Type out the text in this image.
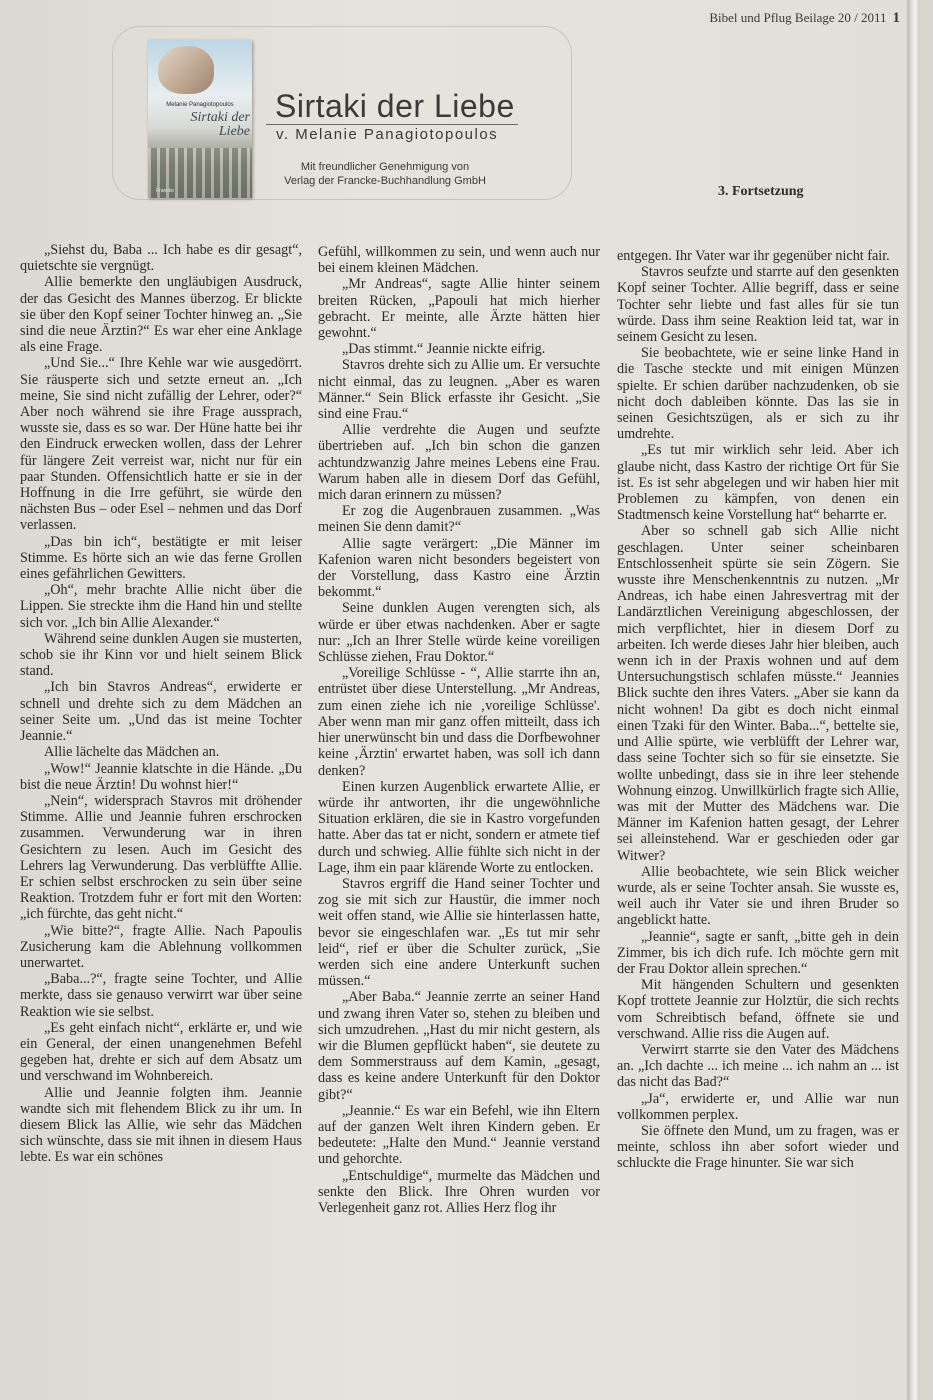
Bibel und Pflug Beilage 20 / 2011 1
Melanie Panagiotopoulos
Sirtaki der
Liebe
Francke
Sirtaki der Liebe
v. Melanie Panagiotopoulos
Mit freundlicher Genehmigung von
Verlag der Francke-Buchhandlung GmbH
3. Fortsetzung

„Siehst du, Baba ... Ich habe es dir gesagt“, quietschte sie vergnügt.

Allie bemerkte den ungläubigen Ausdruck, der das Gesicht des Mannes überzog. Er blickte sie über den Kopf seiner Tochter hinweg an. „Sie sind die neue Ärztin?“ Es war eher eine Anklage als eine Frage.

„Und Sie...“ Ihre Kehle war wie ausgedörrt. Sie räusperte sich und setzte erneut an. „Ich meine, Sie sind nicht zufällig der Lehrer, oder?“ Aber noch während sie ihre Frage aussprach, wusste sie, dass es so war. Der Hüne hatte bei ihr den Eindruck erwecken wollen, dass der Lehrer für längere Zeit verreist war, nicht nur für ein paar Stunden. Offensichtlich hatte er sie in der Hoffnung in die Irre geführt, sie würde den nächsten Bus – oder Esel – nehmen und das Dorf verlassen.

„Das bin ich“, bestätigte er mit leiser Stimme. Es hörte sich an wie das ferne Grollen eines gefährlichen Gewitters.

„Oh“, mehr brachte Allie nicht über die Lippen. Sie streckte ihm die Hand hin und stellte sich vor. „Ich bin Allie Alexander.“

Während seine dunklen Augen sie musterten, schob sie ihr Kinn vor und hielt seinem Blick stand.

„Ich bin Stavros Andreas“, erwiderte er schnell und drehte sich zu dem Mädchen an seiner Seite um. „Und das ist meine Tochter Jeannie.“

Allie lächelte das Mädchen an.

„Wow!“ Jeannie klatschte in die Hände. „Du bist die neue Ärztin! Du wohnst hier!“

„Nein“, widersprach Stavros mit dröhender Stimme. Allie und Jeannie fuhren erschrocken zusammen. Verwunderung war in ihren Gesichtern zu lesen. Auch im Gesicht des Lehrers lag Verwunderung. Das verblüffte Allie. Er schien selbst erschrocken zu sein über seine Reaktion. Trotzdem fuhr er fort mit den Worten: „ich fürchte, das geht nicht.“

„Wie bitte?“, fragte Allie. Nach Papoulis Zusicherung kam die Ablehnung vollkommen unerwartet.

„Baba...?“, fragte seine Tochter, und Allie merkte, dass sie genauso verwirrt war über seine Reaktion wie sie selbst.

„Es geht einfach nicht“, erklärte er, und wie ein General, der einen unangenehmen Befehl gegeben hat, drehte er sich auf dem Absatz um und verschwand im Wohnbereich.

Allie und Jeannie folgten ihm. Jeannie wandte sich mit flehendem Blick zu ihr um. In diesem Blick las Allie, wie sehr das Mädchen sich wünschte, dass sie mit ihnen in diesem Haus lebte. Es war ein schönes

Gefühl, willkommen zu sein, und wenn auch nur bei einem kleinen Mädchen.

„Mr Andreas“, sagte Allie hinter seinem breiten Rücken, „Papouli hat mich hierher gebracht. Er meinte, alle Ärzte hätten hier gewohnt.“

„Das stimmt.“ Jeannie nickte eifrig.

Stavros drehte sich zu Allie um. Er versuchte nicht einmal, das zu leugnen. „Aber es waren Männer.“ Sein Blick erfasste ihr Gesicht. „Sie sind eine Frau.“

Allie verdrehte die Augen und seufzte übertrieben auf. „Ich bin schon die ganzen achtundzwanzig Jahre meines Lebens eine Frau. Warum haben alle in diesem Dorf das Gefühl, mich daran erinnern zu müssen?

Er zog die Augenbrauen zusammen. „Was meinen Sie denn damit?“

Allie sagte verärgert: „Die Männer im Kafenion waren nicht besonders begeistert von der Vorstellung, dass Kastro eine Ärztin bekommt.“

Seine dunklen Augen verengten sich, als würde er über etwas nachdenken. Aber er sagte nur: „Ich an Ihrer Stelle würde keine voreiligen Schlüsse ziehen, Frau Doktor.“

„Voreilige Schlüsse - “, Allie starrte ihn an, entrüstet über diese Unterstellung. „Mr Andreas, zum einen ziehe ich nie ‚voreilige Schlüsse'. Aber wenn man mir ganz offen mitteilt, dass ich hier unerwünscht bin und dass die Dorfbewohner keine ‚Ärztin' erwartet haben, was soll ich dann denken?

Einen kurzen Augenblick erwartete Allie, er würde ihr antworten, ihr die ungewöhnliche Situation erklären, die sie in Kastro vorgefunden hatte. Aber das tat er nicht, sondern er atmete tief durch und schwieg. Allie fühlte sich nicht in der Lage, ihm ein paar klärende Worte zu entlocken.

Stavros ergriff die Hand seiner Tochter und zog sie mit sich zur Haustür, die immer noch weit offen stand, wie Allie sie hinterlassen hatte, bevor sie eingeschlafen war. „Es tut mir sehr leid“, rief er über die Schulter zurück, „Sie werden sich eine andere Unterkunft suchen müssen.“

„Aber Baba.“ Jeannie zerrte an seiner Hand und zwang ihren Vater so, stehen zu bleiben und sich umzudrehen. „Hast du mir nicht gestern, als wir die Blumen gepflückt haben“, sie deutete zu dem Sommerstrauss auf dem Kamin, „gesagt, dass es keine andere Unterkunft für den Doktor gibt?“

„Jeannie.“ Es war ein Befehl, wie ihn Eltern auf der ganzen Welt ihren Kindern geben. Er bedeutete: „Halte den Mund.“ Jeannie verstand und gehorchte.

„Entschuldige“, murmelte das Mädchen und senkte den Blick. Ihre Ohren wurden vor Verlegenheit ganz rot. Allies Herz flog ihr

entgegen. Ihr Vater war ihr gegenüber nicht fair.

Stavros seufzte und starrte auf den gesenkten Kopf seiner Tochter. Allie begriff, dass er seine Tochter sehr liebte und fast alles für sie tun würde. Dass ihm seine Reaktion leid tat, war in seinem Gesicht zu lesen.

Sie beobachtete, wie er seine linke Hand in die Tasche steckte und mit einigen Münzen spielte. Er schien darüber nachzudenken, ob sie nicht doch dableiben könnte. Das las sie in seinen Gesichtszügen, als er sich zu ihr umdrehte.

„Es tut mir wirklich sehr leid. Aber ich glaube nicht, dass Kastro der richtige Ort für Sie ist. Es ist sehr abgelegen und wir haben hier mit Problemen zu kämpfen, von denen ein Stadtmensch keine Vorstellung hat“ beharrte er.

Aber so schnell gab sich Allie nicht geschlagen. Unter seiner scheinbaren Entschlossenheit spürte sie sein Zögern. Sie wusste ihre Menschenkenntnis zu nutzen. „Mr Andreas, ich habe einen Jahresvertrag mit der Landärztlichen Vereinigung abgeschlossen, der mich verpflichtet, hier in diesem Dorf zu arbeiten. Ich werde dieses Jahr hier bleiben, auch wenn ich in der Praxis wohnen und auf dem Untersuchungstisch schlafen müsste.“ Jeannies Blick suchte den ihres Vaters. „Aber sie kann da nicht wohnen! Da gibt es doch nicht einmal einen Tzaki für den Winter. Baba...“, bettelte sie, und Allie spürte, wie verblüfft der Lehrer war, dass seine Tochter sich so für sie einsetzte. Sie wollte unbedingt, dass sie in ihre leer stehende Wohnung einzog. Unwillkürlich fragte sich Allie, was mit der Mutter des Mädchens war. Die Männer im Kafenion hatten gesagt, der Lehrer sei alleinstehend. War er geschieden oder gar Witwer?

Allie beobachtete, wie sein Blick weicher wurde, als er seine Tochter ansah. Sie wusste es, weil auch ihr Vater sie und ihren Bruder so angeblickt hatte.

„Jeannie“, sagte er sanft, „bitte geh in dein Zimmer, bis ich dich rufe. Ich möchte gern mit der Frau Doktor allein sprechen.“

Mit hängenden Schultern und gesenkten Kopf trottete Jeannie zur Holztür, die sich rechts vom Schreibtisch befand, öffnete sie und verschwand. Allie riss die Augen auf.

Verwirrt starrte sie den Vater des Mädchens an. „Ich dachte ... ich meine ... ich nahm an ... ist das nicht das Bad?“

„Ja“, erwiderte er, und Allie war nun vollkommen perplex.

Sie öffnete den Mund, um zu fragen, was er meinte, schloss ihn aber sofort wieder und schluckte die Frage hinunter. Sie war sich
